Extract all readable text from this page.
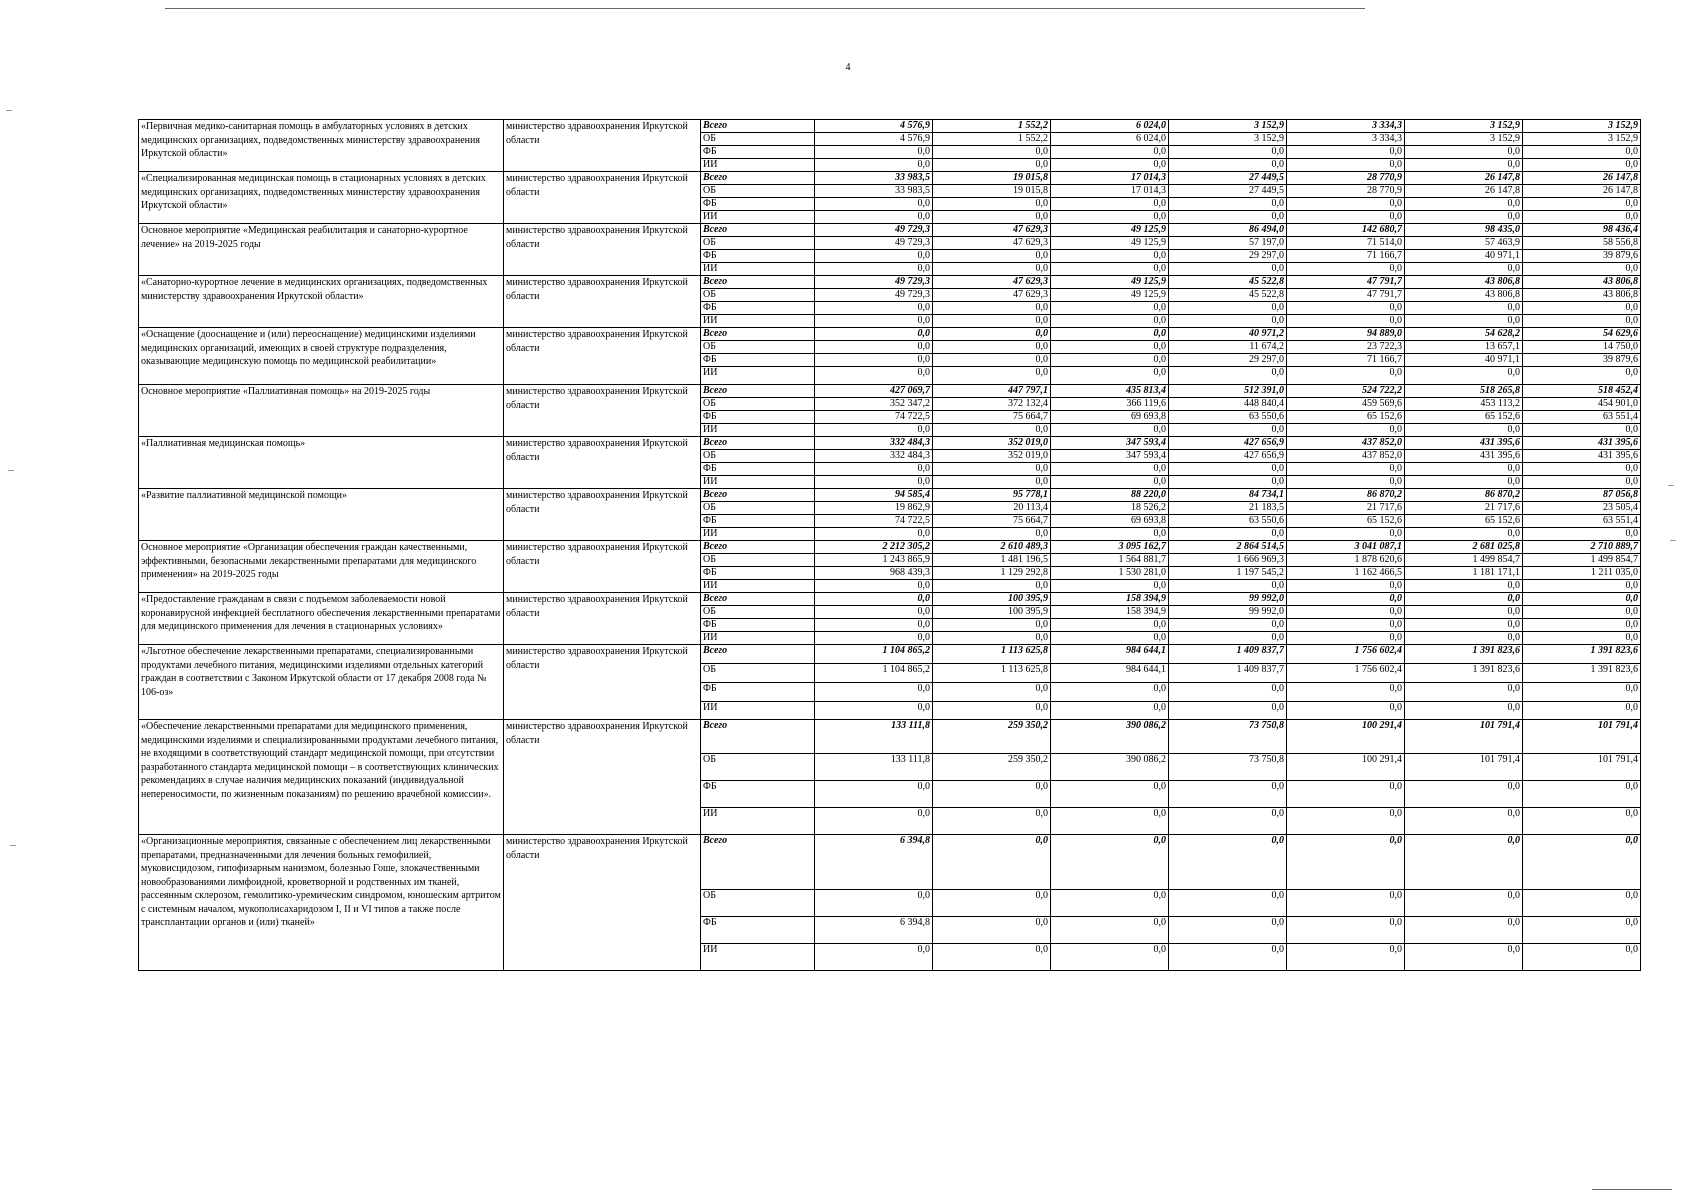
4
«Первичная медико-санитарная помощь в амбулаторных условиях в детских медицинских организациях, подведомственных министерству здравоохранения Иркутской области»	министерство здравоохранения Иркутской области	Всего	4 576,9	1 552,2	6 024,0	3 152,9	3 334,3	3 152,9	3 152,9
		ОБ	4 576,9	1 552,2	6 024,0	3 152,9	3 334,3	3 152,9	3 152,9
		ФБ	0,0	0,0	0,0	0,0	0,0	0,0	0,0
		ИИ	0,0	0,0	0,0	0,0	0,0	0,0	0,0
«Специализированная медицинская помощь в стационарных условиях в детских медицинских организациях, подведомственных министерству здравоохранения Иркутской области»	министерство здравоохранения Иркутской области	Всего	33 983,5	19 015,8	17 014,3	27 449,5	28 770,9	26 147,8	26 147,8
		ОБ	33 983,5	19 015,8	17 014,3	27 449,5	28 770,9	26 147,8	26 147,8
		ФБ	0,0	0,0	0,0	0,0	0,0	0,0	0,0
		ИИ	0,0	0,0	0,0	0,0	0,0	0,0	0,0
Основное мероприятие «Медицинская реабилитация и санаторно-курортное лечение» на 2019-2025 годы	министерство здравоохранения Иркутской области	Всего	49 729,3	47 629,3	49 125,9	86 494,0	142 680,7	98 435,0	98 436,4
		ОБ	49 729,3	47 629,3	49 125,9	57 197,0	71 514,0	57 463,9	58 556,8
		ФБ	0,0	0,0	0,0	29 297,0	71 166,7	40 971,1	39 879,6
		ИИ	0,0	0,0	0,0	0,0	0,0	0,0	0,0
«Санаторно-курортное лечение в медицинских организациях, подведомственных министерству здравоохранения Иркутской области»	министерство здравоохранения Иркутской области	Всего	49 729,3	47 629,3	49 125,9	45 522,8	47 791,7	43 806,8	43 806,8
		ОБ	49 729,3	47 629,3	49 125,9	45 522,8	47 791,7	43 806,8	43 806,8
		ФБ	0,0	0,0	0,0	0,0	0,0	0,0	0,0
		ИИ	0,0	0,0	0,0	0,0	0,0	0,0	0,0
«Оснащение (дооснащение и (или) переоснащение) медицинскими изделиями медицинских организаций, имеющих в своей структуре подразделения, оказывающие медицинскую помощь по медицинской реабилитации»	министерство здравоохранения Иркутской области	Всего	0,0	0,0	0,0	40 971,2	94 889,0	54 628,2	54 629,6
		ОБ	0,0	0,0	0,0	11 674,2	23 722,3	13 657,1	14 750,0
		ФБ	0,0	0,0	0,0	29 297,0	71 166,7	40 971,1	39 879,6
		ИИ	0,0	0,0	0,0	0,0	0,0	0,0	0,0
Основное мероприятие «Паллиативная помощь» на 2019-2025 годы	министерство здравоохранения Иркутской области	Всего	427 069,7	447 797,1	435 813,4	512 391,0	524 722,2	518 265,8	518 452,4
		ОБ	352 347,2	372 132,4	366 119,6	448 840,4	459 569,6	453 113,2	454 901,0
		ФБ	74 722,5	75 664,7	69 693,8	63 550,6	65 152,6	65 152,6	63 551,4
		ИИ	0,0	0,0	0,0	0,0	0,0	0,0	0,0
«Паллиативная медицинская помощь»	министерство здравоохранения Иркутской области	Всего	332 484,3	352 019,0	347 593,4	427 656,9	437 852,0	431 395,6	431 395,6
		ОБ	332 484,3	352 019,0	347 593,4	427 656,9	437 852,0	431 395,6	431 395,6
		ФБ	0,0	0,0	0,0	0,0	0,0	0,0	0,0
		ИИ	0,0	0,0	0,0	0,0	0,0	0,0	0,0
«Развитие паллиативной медицинской помощи»	министерство здравоохранения Иркутской области	Всего	94 585,4	95 778,1	88 220,0	84 734,1	86 870,2	86 870,2	87 056,8
		ОБ	19 862,9	20 113,4	18 526,2	21 183,5	21 717,6	21 717,6	23 505,4
		ФБ	74 722,5	75 664,7	69 693,8	63 550,6	65 152,6	65 152,6	63 551,4
		ИИ	0,0	0,0	0,0	0,0	0,0	0,0	0,0
Основное мероприятие «Организация обеспечения граждан качественными, эффективными, безопасными лекарственными препаратами для медицинского применения» на 2019-2025 годы	министерство здравоохранения Иркутской области	Всего	2 212 305,2	2 610 489,3	3 095 162,7	2 864 514,5	3 041 087,1	2 681 025,8	2 710 889,7
		ОБ	1 243 865,9	1 481 196,5	1 564 881,7	1 666 969,3	1 878 620,6	1 499 854,7	1 499 854,7
		ФБ	968 439,3	1 129 292,8	1 530 281,0	1 197 545,2	1 162 466,5	1 181 171,1	1 211 035,0
		ИИ	0,0	0,0	0,0	0,0	0,0	0,0	0,0
«Предоставление гражданам в связи с подъемом заболеваемости новой коронавирусной инфекцией бесплатного обеспечения лекарственными препаратами для медицинского применения для лечения в стационарных условиях»	министерство здравоохранения Иркутской области	Всего	0,0	100 395,9	158 394,9	99 992,0	0,0	0,0	0,0
		ОБ	0,0	100 395,9	158 394,9	99 992,0	0,0	0,0	0,0
		ФБ	0,0	0,0	0,0	0,0	0,0	0,0	0,0
		ИИ	0,0	0,0	0,0	0,0	0,0	0,0	0,0
«Льготное обеспечение лекарственными препаратами, специализированными продуктами лечебного питания, медицинскими изделиями отдельных категорий граждан в соответствии с Законом Иркутской области от 17 декабря 2008 года № 106-оз»	министерство здравоохранения Иркутской области	Всего	1 104 865,2	1 113 625,8	984 644,1	1 409 837,7	1 756 602,4	1 391 823,6	1 391 823,6
		ОБ	1 104 865,2	1 113 625,8	984 644,1	1 409 837,7	1 756 602,4	1 391 823,6	1 391 823,6
		ФБ	0,0	0,0	0,0	0,0	0,0	0,0	0,0
		ИИ	0,0	0,0	0,0	0,0	0,0	0,0	0,0
«Обеспечение лекарственными препаратами для медицинского применения, медицинскими изделиями и специализированными продуктами лечебного питания, не входящими в соответствующий стандарт медицинской помощи, при отсутствии разработанного стандарта медицинской помощи – в соответствующих клинических рекомендациях в случае наличия медицинских показаний (индивидуальной непереносимости, по жизненным показаниям) по решению врачебной комиссии».	министерство здравоохранения Иркутской области	Всего	133 111,8	259 350,2	390 086,2	73 750,8	100 291,4	101 791,4	101 791,4
		ОБ	133 111,8	259 350,2	390 086,2	73 750,8	100 291,4	101 791,4	101 791,4
		ФБ	0,0	0,0	0,0	0,0	0,0	0,0	0,0
		ИИ	0,0	0,0	0,0	0,0	0,0	0,0	0,0
«Организационные мероприятия, связанные с обеспечением лиц лекарственными препаратами, предназначенными для лечения больных гемофилией, муковисцидозом, гипофизарным нанизмом, болезнью Гоше, злокачественными новообразованиями лимфоидной, кроветворной и родственных им тканей, рассеянным склерозом, гемолитико-уремическим синдромом, юношеским артритом с системным началом, мукополисахаридозом I, II и VI типов а также после трансплантации органов и (или) тканей»	министерство здравоохранения Иркутской области	Всего	6 394,8	0,0	0,0	0,0	0,0	0,0	0,0
		ОБ	0,0	0,0	0,0	0,0	0,0	0,0	0,0
		ФБ	6 394,8	0,0	0,0	0,0	0,0	0,0	0,0
		ИИ	0,0	0,0	0,0	0,0	0,0	0,0	0,0
